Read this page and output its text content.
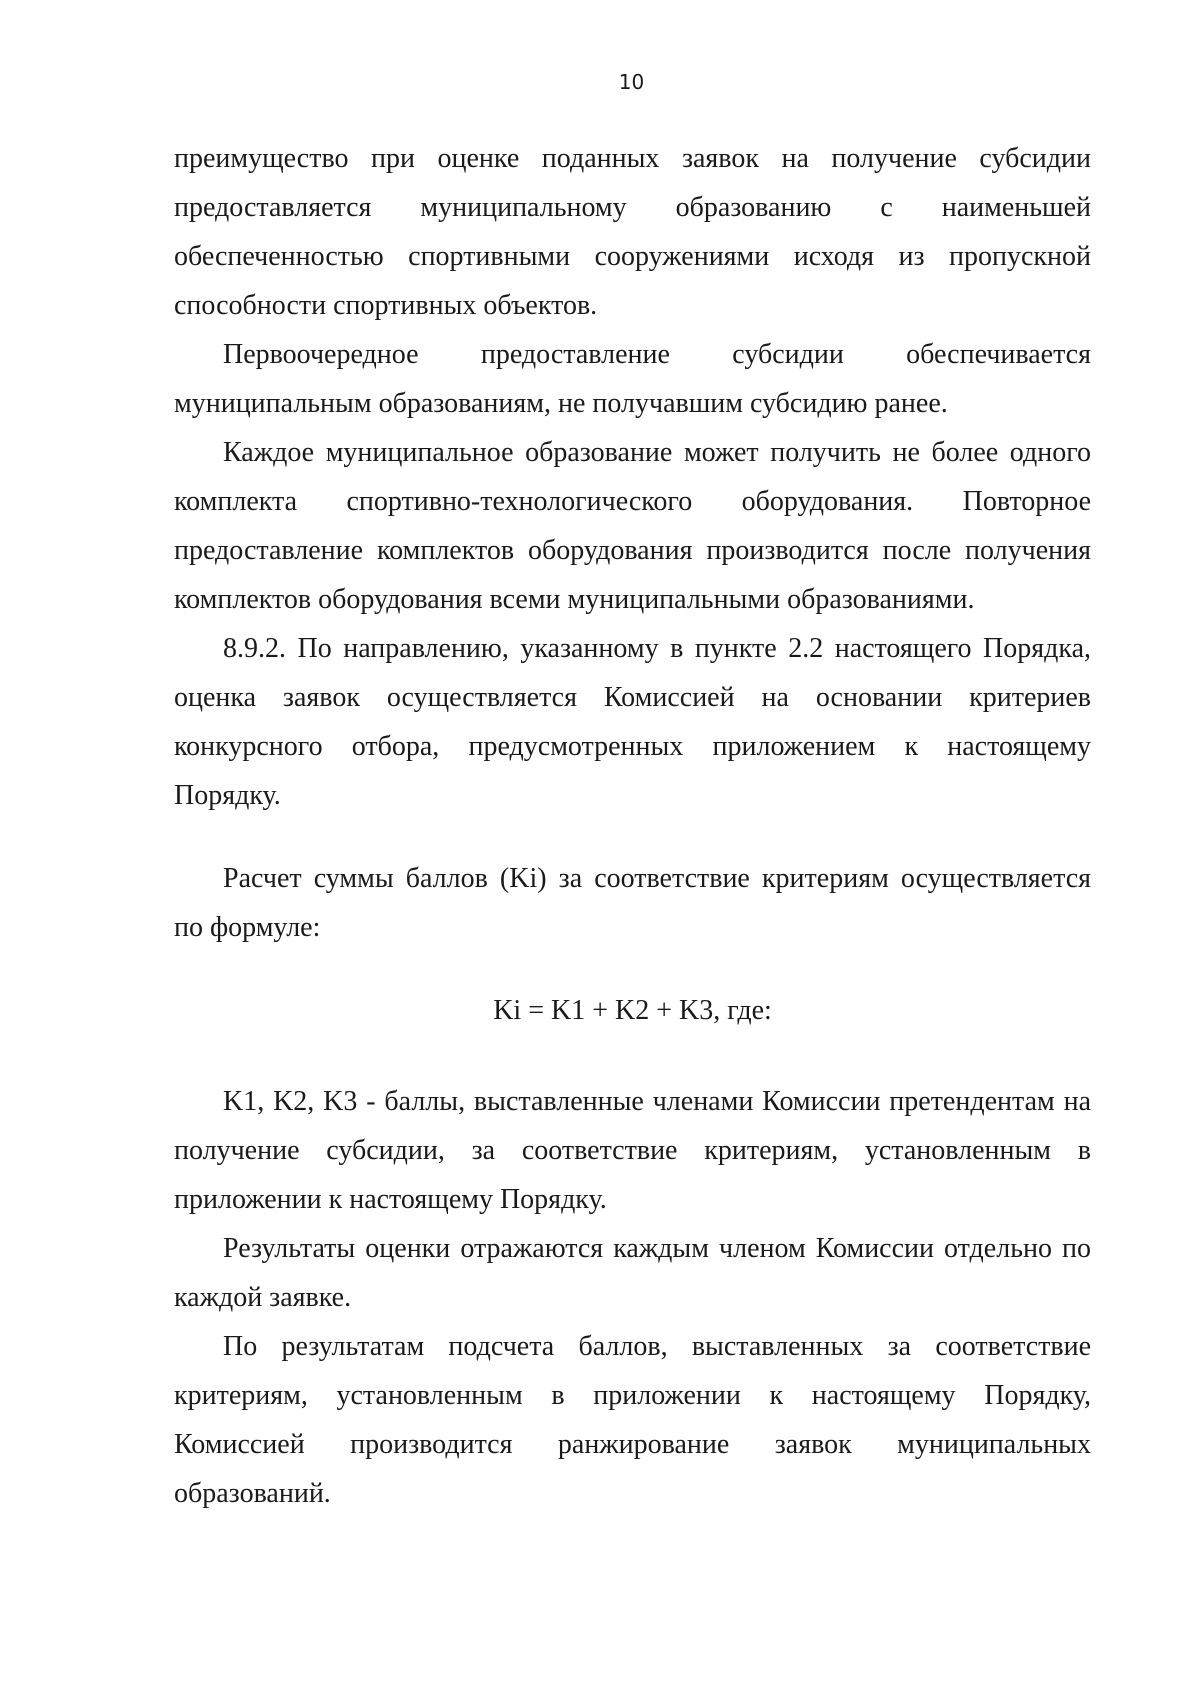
10

преимущество при оценке поданных заявок на получение субсидии предоставляется муниципальному образованию с наименьшей обеспеченностью спортивными сооружениями исходя из пропускной способности спортивных объектов.

Первоочередное предоставление субсидии обеспечивается муниципальным образованиям, не получавшим субсидию ранее.

Каждое муниципальное образование может получить не более одного комплекта спортивно-технологического оборудования. Повторное предоставление комплектов оборудования производится после получения комплектов оборудования всеми муниципальными образованиями.

8.9.2. По направлению, указанному в пункте 2.2 настоящего Порядка, оценка заявок осуществляется Комиссией на основании критериев конкурсного отбора, предусмотренных приложением к настоящему Порядку.

Расчет суммы баллов (Ki) за соответствие критериям осуществляется по формуле:

Ki = K1 + K2 + K3, где:

K1, K2, K3 - баллы, выставленные членами Комиссии претендентам на получение субсидии, за соответствие критериям, установленным в приложении к настоящему Порядку.

Результаты оценки отражаются каждым членом Комиссии отдельно по каждой заявке.

По результатам подсчета баллов, выставленных за соответствие критериям, установленным в приложении к настоящему Порядку, Комиссией производится ранжирование заявок муниципальных образований.
